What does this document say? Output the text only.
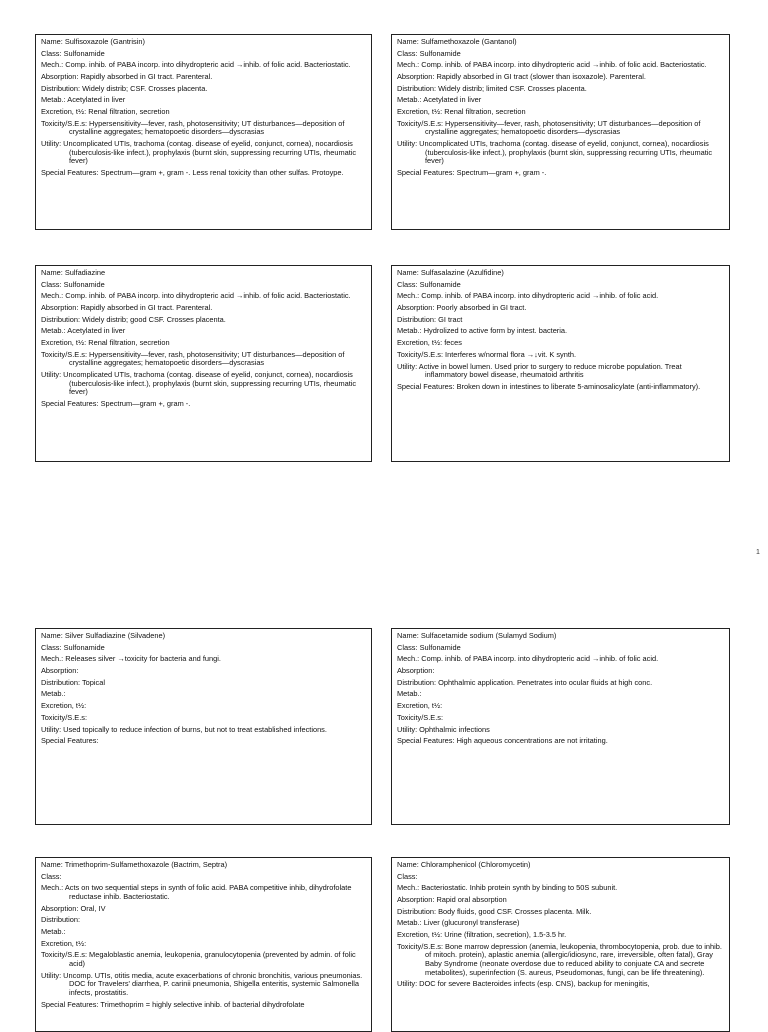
Name: Sulfisoxazole (Gantrisin)
Class: Sulfonamide
Mech.: Comp. inhib. of PABA incorp. into dihydropteric acid →inhib. of folic acid. Bacteriostatic.
Absorption: Rapidly absorbed in GI tract. Parenteral.
Distribution: Widely distrib; CSF. Crosses placenta.
Metab.: Acetylated in liver
Excretion, t½: Renal filtration, secretion
Toxicity/S.E.s: Hypersensitivity—fever, rash, photosensitivity; UT disturbances—deposition of crystalline aggregates; hematopoetic disorders—dyscrasias
Utility: Uncomplicated UTIs, trachoma (contag. disease of eyelid, conjunct, cornea), nocardiosis (tuberculosis-like infect.), prophylaxis (burnt skin, suppressing recurring UTIs, rheumatic fever)
Special Features: Spectrum—gram +, gram -. Less renal toxicity than other sulfas. Protoype.
Name: Sulfamethoxazole (Gantanol)
Class: Sulfonamide
Mech.: Comp. inhib. of PABA incorp. into dihydropteric acid →inhib. of folic acid. Bacteriostatic.
Absorption: Rapidly absorbed in GI tract (slower than isoxazole). Parenteral.
Distribution: Widely distrib; limited CSF. Crosses placenta.
Metab.: Acetylated in liver
Excretion, t½: Renal filtration, secretion
Toxicity/S.E.s: Hypersensitivity—fever, rash, photosensitivity; UT disturbances—deposition of crystalline aggregates; hematopoetic disorders—dyscrasias
Utility: Uncomplicated UTIs, trachoma (contag. disease of eyelid, conjunct, cornea), nocardiosis (tuberculosis-like infect.), prophylaxis (burnt skin, suppressing recurring UTIs, rheumatic fever)
Special Features: Spectrum—gram +, gram -.
Name: Sulfadiazine
Class: Sulfonamide
Mech.: Comp. inhib. of PABA incorp. into dihydropteric acid →inhib. of folic acid. Bacteriostatic.
Absorption: Rapidly absorbed in GI tract. Parenteral.
Distribution: Widely distrib; good CSF. Crosses placenta.
Metab.: Acetylated in liver
Excretion, t½: Renal filtration, secretion
Toxicity/S.E.s: Hypersensitivity—fever, rash, photosensitivity; UT disturbances—deposition of crystalline aggregates; hematopoetic disorders—dyscrasias
Utility: Uncomplicated UTIs, trachoma (contag. disease of eyelid, conjunct, cornea), nocardiosis (tuberculosis-like infect.), prophylaxis (burnt skin, suppressing recurring UTIs, rheumatic fever)
Special Features: Spectrum—gram +, gram -.
Name: Sulfasalazine (Azulfidine)
Class: Sulfonamide
Mech.: Comp. inhib. of PABA incorp. into dihydropteric acid →inhib. of folic acid.
Absorption: Poorly absorbed in GI tract.
Distribution: GI tract
Metab.: Hydrolized to active form by intest. bacteria.
Excretion, t½: feces
Toxicity/S.E.s: Interferes w/normal flora →↓vit. K synth.
Utility: Active in bowel lumen. Used prior to surgery to reduce microbe population. Treat inflammatory bowel disease, rheumatoid arthritis
Special Features: Broken down in intestines to liberate 5-aminosalicylate (anti-inflammatory).
1
Name: Silver Sulfadiazine (Silvadene)
Class: Sulfonamide
Mech.: Releases silver →toxicity for bacteria and fungi.
Absorption:
Distribution: Topical
Metab.:
Excretion, t½:
Toxicity/S.E.s:
Utility: Used topically to reduce infection of burns, but not to treat established infections.
Special Features:
Name: Sulfacetamide sodium (Sulamyd Sodium)
Class: Sulfonamide
Mech.: Comp. inhib. of PABA incorp. into dihydropteric acid →inhib. of folic acid.
Absorption:
Distribution: Ophthalmic application. Penetrates into ocular fluids at high conc.
Metab.:
Excretion, t½:
Toxicity/S.E.s:
Utility: Ophthalmic infections
Special Features: High aqueous concentrations are not irritating.
Name: Trimethoprim-Sulfamethoxazole (Bactrim, Septra)
Class:
Mech.: Acts on two sequential steps in synth of folic acid. PABA competitive inhib, dihydrofolate reductase inhib. Bacteriostatic.
Absorption: Oral, IV
Distribution:
Metab.:
Excretion, t½:
Toxicity/S.E.s: Megaloblastic anemia, leukopenia, granulocytopenia (prevented by admin. of folic acid)
Utility: Uncomp. UTIs, otitis media, acute exacerbations of chronic bronchitis, various pneumonias. DOC for Travelers' diarrhea, P. carinii pneumonia, Shigella enteritis, systemic Salmonella infects, prostatitis.
Special Features: Trimethoprim = highly selective inhib. of bacterial dihydrofolate
Name: Chloramphenicol (Chloromycetin)
Class:
Mech.: Bacteriostatic. Inhib protein synth by binding to 50S subunit.
Absorption: Rapid oral absorption
Distribution: Body fluids, good CSF. Crosses placenta. Milk.
Metab.: Liver (glucuronyl transferase)
Excretion, t½: Urine (filtration, secretion), 1.5-3.5 hr.
Toxicity/S.E.s: Bone marrow depression (anemia, leukopenia, thrombocytopenia, prob. due to inhib. of mitoch. protein), aplastic anemia (allergic/idiosync, rare, irreversible, often fatal), Gray Baby Syndrome (neonate overdose due to reduced ability to conjuate CA and secrete metabolites), superinfection (S. aureus, Pseudomonas, fungi, can be life threatening).
Utility: DOC for severe Bacteroides infects (esp. CNS), backup for meningitis,
